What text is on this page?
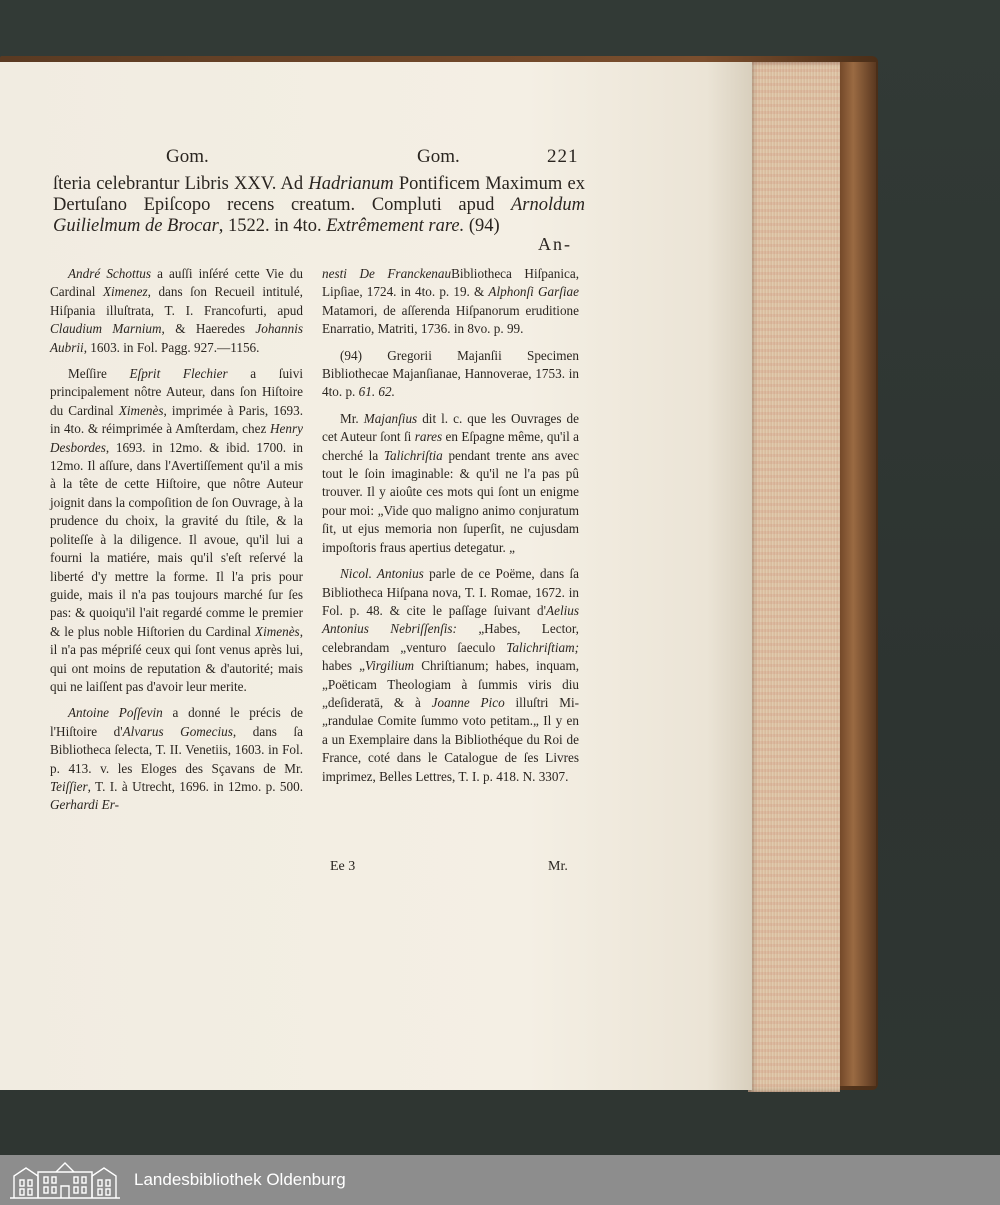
Gom.	Gom.	221
ſteria celebrantur Libris XXV. Ad Hadrianum Pontificem Maximum ex Dertuſano Epiſcopo recens creatum. Compluti apud Arnoldum Guilielmum de Brocar, 1522. in 4to. Extrêmement rare. (94)
An-

André Schottus a auſſi inſéré cette Vie du Cardinal Ximenez, dans ſon Recueil intitulé, Hiſpania illuſtrata, T. I. Francofurti, apud Claudium Marnium, & Haeredes Johannis Aubrii, 1603. in Fol. Pagg. 927.—1156.

Meſſire Eſprit Flechier a ſuivi principalement nôtre Auteur, dans ſon Hiſtoire du Cardinal Ximenès, imprimée à Paris, 1693. in 4to. & réimprimée à Amſterdam, chez Henry Desbordes, 1693. in 12mo. & ibid. 1700. in 12mo. Il aſſure, dans l'Avertiſſement qu'il a mis à la tête de cette Hiſtoire, que nôtre Auteur joignit dans la compoſition de ſon Ouvrage, à la prudence du choix, la gravité du ſtile, & la politeſſe à la diligence. Il avoue, qu'il lui a fourni la matiére, mais qu'il s'eſt reſervé la liberté d'y mettre la forme. Il l'a pris pour guide, mais il n'a pas toujours marché ſur ſes pas: & quoiqu'il l'ait regardé comme le premier & le plus noble Hiſtorien du Cardinal Ximenès, il n'a pas mépriſé ceux qui ſont venus après lui, qui ont moins de reputation & d'autorité; mais qui ne laiſſent pas d'avoir leur merite.

Antoine Poſſevin a donné le précis de l'Hiſtoire d'Alvarus Gomecius, dans ſa Bibliotheca ſelecta, T. II. Venetiis, 1603. in Fol. p. 413. v. les Eloges des Sçavans de Mr. Teiſſier, T. I. à Utrecht, 1696. in 12mo. p. 500. Gerhardi Er-

nesti De FranckenauBibliotheca Hiſpanica, Lipſiae, 1724. in 4to. p. 19. & Alphonſi Garſiae Matamori, de aſſerenda Hiſpanorum eruditione Enarratio, Matriti, 1736. in 8vo. p. 99.

(94) Gregorii Majanſii Specimen Bibliothecae Majanſianae, Hannoverae, 1753. in 4to. p. 61. 62.

Mr. Majanſius dit l. c. que les Ouvrages de cet Auteur ſont ſi rares en Eſpagne même, qu'il a cherché la Talichriſtia pendant trente ans avec tout le ſoin imaginable: & qu'il ne l'a pas pû trouver. Il y aioûte ces mots qui ſont un enigme pour moi: „Vide quo maligno animo conjuratum ſit, ut ejus memoria non ſuperſit, ne cujusdam impoſtoris fraus apertius detegatur. „

Nicol. Antonius parle de ce Poëme, dans ſa Bibliotheca Hiſpana nova, T. I. Romae, 1672. in Fol. p. 48. & cite le paſſage ſuivant d'Aelius Antonius Nebriſſenſis: „Habes, Lector, celebrandam „venturo ſaeculo Talichriſtiam; habes „Virgilium Chriſtianum; habes, inquam, „Poëticam Theologiam à ſummis viris diu „deſideratā, & à Joanne Pico illuſtri Mi-„randulae Comite ſummo voto petitam.„ Il y en a un Exemplaire dans la Bibliothéque du Roi de France, coté dans le Catalogue de ſes Livres imprimez, Belles Lettres, T. I. p. 418. N. 3307.

Ee 3	Mr.
Landesbibliothek Oldenburg
